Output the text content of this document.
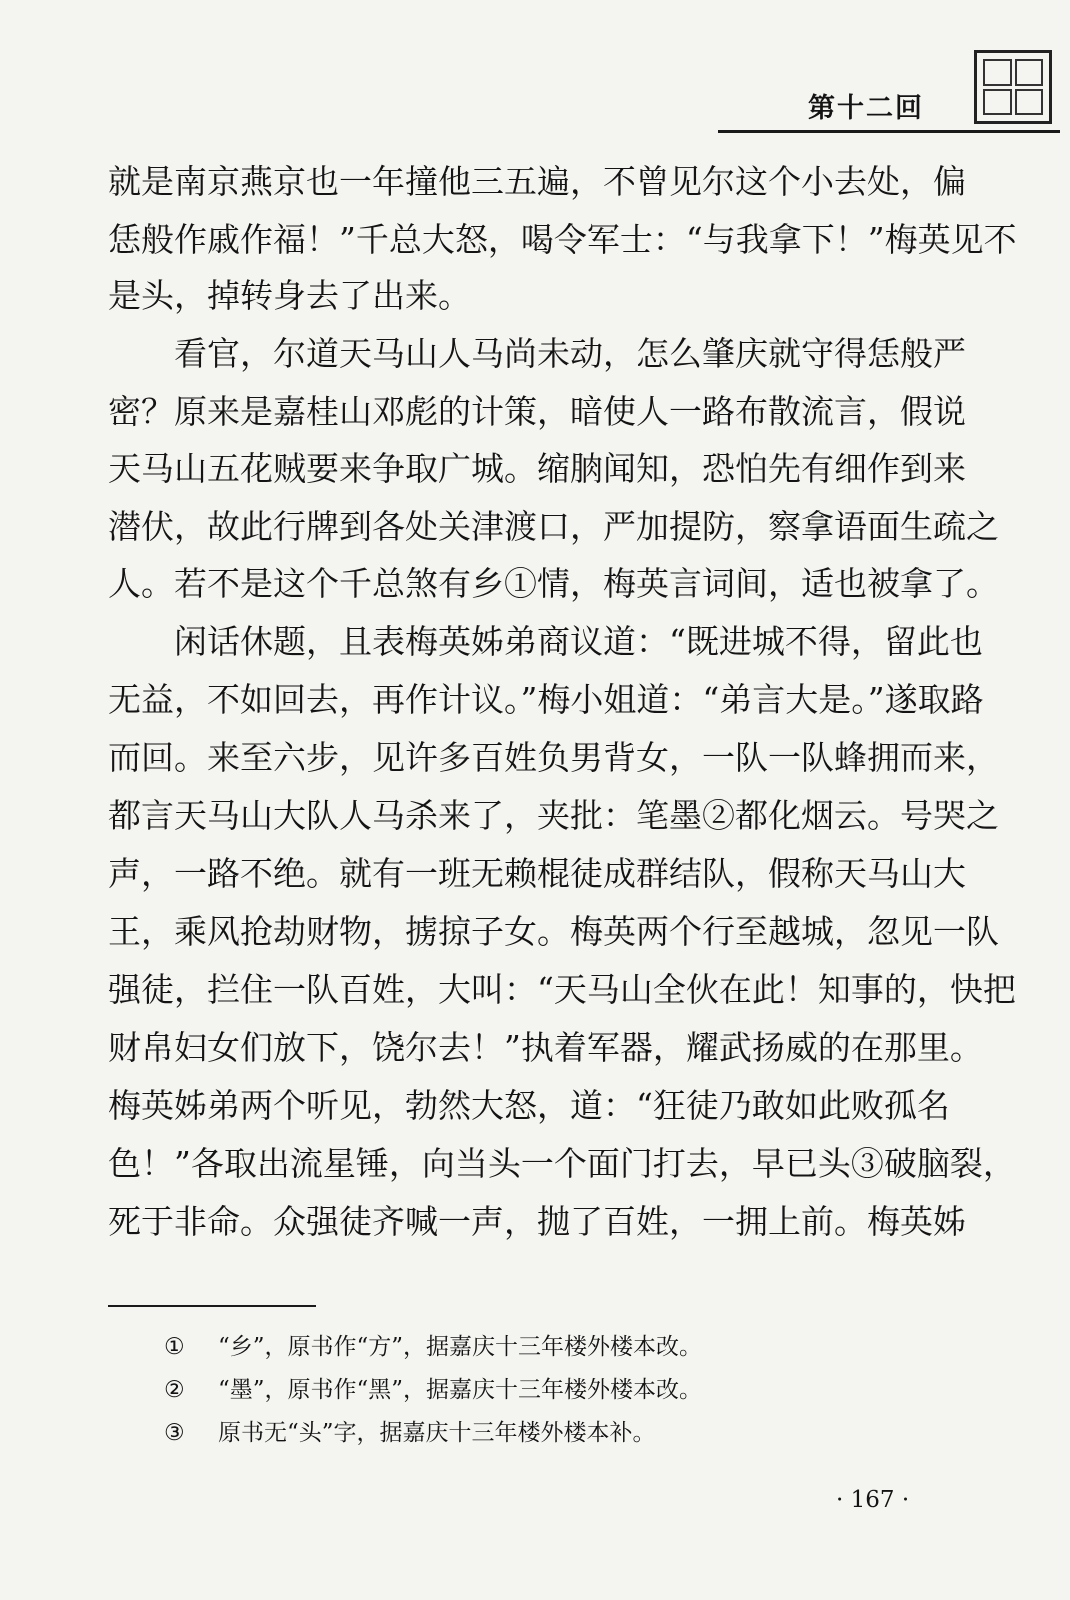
第十二回
就是南京燕京也一年撞他三五遍，不曾见尔这个小去处，偏
恁般作戚作福！”千总大怒，喝令军士：“与我拿下！”梅英见不
是头，掉转身去了出来。
看官，尔道天马山人马尚未动，怎么肇庆就守得恁般严
密？原来是嘉桂山邓彪的计策，暗使人一路布散流言，假说
天马山五花贼要来争取广城。缩朒闻知，恐怕先有细作到来
潜伏，故此行牌到各处关津渡口，严加提防，察拿语面生疏之
人。若不是这个千总煞有乡①情，梅英言词间，适也被拿了。
闲话休题，且表梅英姊弟商议道：“既进城不得，留此也
无益，不如回去，再作计议。”梅小姐道：“弟言大是。”遂取路
而回。来至六步，见许多百姓负男背女，一队一队蜂拥而来，
都言天马山大队人马杀来了，夹批：笔墨②都化烟云。号哭之
声，一路不绝。就有一班无赖棍徒成群结队，假称天马山大
王，乘风抢劫财物，掳掠子女。梅英两个行至越城，忽见一队
强徒，拦住一队百姓，大叫：“天马山全伙在此！知事的，快把
财帛妇女们放下，饶尔去！”执着军器，耀武扬威的在那里。
梅英姊弟两个听见，勃然大怒，道：“狂徒乃敢如此败孤名
色！”各取出流星锤，向当头一个面门打去，早已头③破脑裂，
死于非命。众强徒齐喊一声，抛了百姓，一拥上前。梅英姊
① “乡”，原书作“方”，据嘉庆十三年楼外楼本改。
② “墨”，原书作“黑”，据嘉庆十三年楼外楼本改。
③ 原书无“头”字，据嘉庆十三年楼外楼本补。
· 167 ·
